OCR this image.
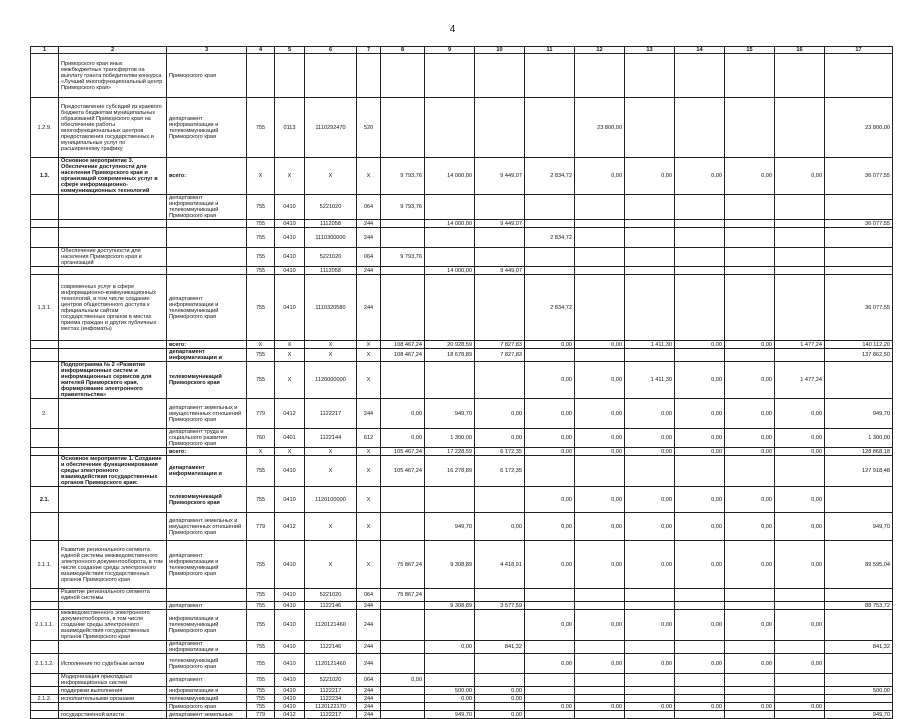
4
1	2	3	4	5	6	7	8	9	10	11	12	13	14	15	16	17
	Приморского края иных межбюджетных трансфертов на выплату гранта победителям конкурса «Лучший многофункциональный центр Приморского края»	Приморского края														
1.2.9.	Предоставление субсидий из краевого бюджета бюджетам муниципальных образований Приморского края на обеспечение работы многофункциональных центров предоставления государственных и муниципальных услуг по расширенному графику	департамент информатизации и телекоммуникаций Приморского края	755	0113	1110292470	520					23 800,00					23 800,00
1.3.	Основное мероприятие 3. Обеспечение доступности для населения Приморского края и организаций современных услуг в сфере информационно-коммуникационных технологий	всего:	X	X	X	X	9 793,76	14 000,00	9 449,07	2 834,72	0,00	0,00	0,00	0,00	0,00	36 077,55
		департамент информатизации и телекоммуникаций Приморского края	755	0410	5221020	064	9 793,76									
			755	0410	1112058	244		14 000,00	9 449,07							36 077,55
			755	0410	1110300000	244				2 834,72						
	Обеспечение доступности для населения Приморского края и организаций		755	0410	5221020	064	9 793,76									
			755	0410	1112058	244		14 000,00	9 449,07							
1.3.1.	современных услуг в сфере информационно-коммуникационных технологий, в том числе создание центров общественного доступа к официальным сайтам государственных органов в местах приема граждан и других публичных местах (инфоматы)	департамент информатизации и телекоммуникаций Приморского края	755	0410	1110320580	244				2 834,72						36 077,55
		всего:	X	X	X	X	108 467,24	20 928,59	7 827,83	0,00	0,00	1 411,30	0,00	0,00	1 477,24	140 112,20
		департамент информатизации и	755	X	X	X	108 467,24	18 678,89	7 827,83							137 862,50
	Подпрограмма № 2 «Развитие информационных систем и информационных сервисов для жителей Приморского края, формирование электронного правительства»	телекоммуникаций Приморского края	755	X	1120000000	X				0,00	0,00	1 411,30	0,00	0,00	1 477,24	
2.		департамент земельных и имущественных отношений Приморского края	779	0412	1122217	244	0,00	949,70	0,00	0,00	0,00	0,00	0,00	0,00	0,00	949,70
		департамент труда и социального развития Приморского края	760	0401	1122144	612	0,00	1 300,00	0,00	0,00	0,00	0,00	0,00	0,00	0,00	1 300,00
		всего:	X	X	X	X	105 467,24	17 228,59	6 172,35	0,00	0,00	0,00	0,00	0,00	0,00	128 868,18
	Основное мероприятие 1. Создание и обеспечение функционирования среды электронного взаимодействия государственных органов Приморского края:	департамент информатизации и	755	0410	X	X	105 467,24	16 278,89	6 172,35							127 918,48
2.1.		телекоммуникаций Приморского края	755	0410	1120100000	X				0,00	0,00	0,00	0,00	0,00	0,00	
		департамент земельных и имущественных отношений Приморского края	779	0412	X	X		949,70	0,00	0,00	0,00	0,00	0,00	0,00	0,00	949,70
2.1.1.	Развитие регионального сегмента единой системы межведомственного электронного документооборота, в том числе создание среды электронного взаимодействия государственных органов Приморского края	департамент информатизации и телекоммуникаций Приморского края	755	0410	X	X	75 867,24	9 308,89	4 418,91	0,00	0,00	0,00	0,00	0,00	0,00	89 595,04
	Развитие регионального сегмента единой системы		755	0410	5221020	064	75 867,24									
		департамент	755	0410	1122146	244		9 308,89	3 577,59							88 753,72
2.1.1.1.	межведомственного электронного документооборота, в том числе создание среды электронного взаимодействия государственных органов Приморского края	информатизации и телекоммуникаций Приморского края	755	0410	1120121460	244				0,00	0,00	0,00	0,00	0,00	0,00	
		департамент информатизации и	755	0410	1122146	244		0,00	841,32							841,32
2.1.1.2.	Исполнение по судебным актам	телекоммуникаций Приморского края	755	0410	1120121460	244				0,00	0,00	0,00	0,00	0,00	0,00	
	Модернизация прикладных информационных систем	департамент	755	0410	5221020	064	0,00									
	поддержки выполнения	информатизации и	755	0410	1122217	244		500,00	0,00							500,00
2.1.2.	исполнительными органами	телекоммуникаций	755	0410	1122234	244		0,00	0,00							
		Приморского края	755	0410	1120122170	244				0,00	0,00	0,00	0,00	0,00	0,00	
	государственной власти	департамент земельных	779	0412	1122217	244		949,70	0,00							949,70
